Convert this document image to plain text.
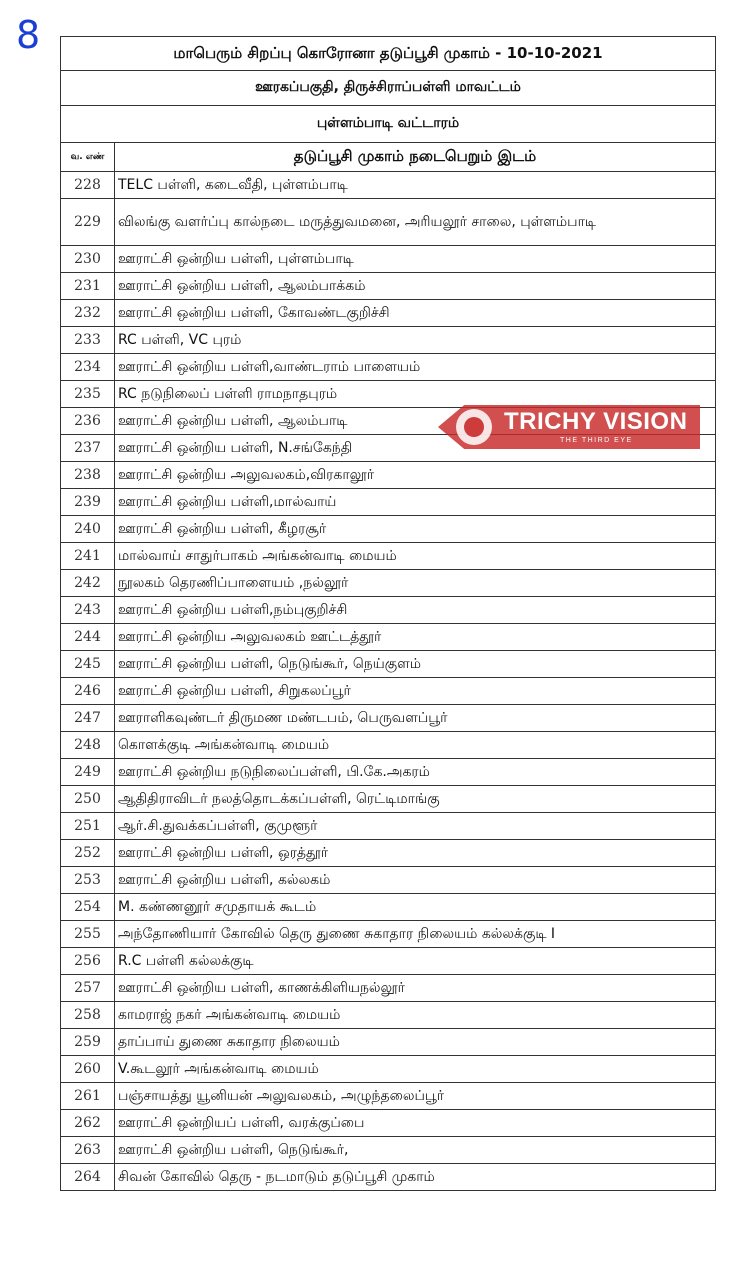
8	மாபெரும் சிறப்பு கொரோனா தடுப்பூசி முகாம் - 10-10-2021	
ஊரகப்பகுதி, திருச்சிராப்பள்ளி மாவட்டம்	
புள்ளம்பாடி வட்டாரம்	
வ. எண்	தடுப்பூசி முகாம் நடைபெறும் இடம்
228	TELC பள்ளி, கடைவீதி, புள்ளம்பாடி
229	விலங்கு வளர்ப்பு கால்நடை மருத்துவமனை, அரியலூர் சாலை, புள்ளம்பாடி
230	ஊராட்சி ஒன்றிய பள்ளி, புள்ளம்பாடி
231	ஊராட்சி ஒன்றிய பள்ளி, ஆலம்பாக்கம்
232	ஊராட்சி ஒன்றிய பள்ளி, கோவண்டகுறிச்சி
233	RC பள்ளி, VC புரம்
234	ஊராட்சி ஒன்றிய பள்ளி,வாண்டராம் பாளையம்
235	RC நடுநிலைப் பள்ளி ராமநாதபுரம்
236	ஊராட்சி ஒன்றிய பள்ளி, ஆலம்பாடி
237	ஊராட்சி ஒன்றிய பள்ளி, N.சங்கேந்தி
238	ஊராட்சி ஒன்றிய அலுவலகம்,விரகாலூர்
239	ஊராட்சி ஒன்றிய பள்ளி,மால்வாய்
240	ஊராட்சி ஒன்றிய பள்ளி, கீழரசூர்
241	மால்வாய் சாதுர்பாகம் அங்கன்வாடி மையம்
242	நூலகம் தெரணிப்பாளையம் ,நல்லூர்
243	ஊராட்சி ஒன்றிய பள்ளி,நம்புகுறிச்சி
244	ஊராட்சி ஒன்றிய அலுவலகம் ஊட்டத்தூர்
245	ஊராட்சி ஒன்றிய பள்ளி, நெடுங்கூர், நெய்குளம்
246	ஊராட்சி ஒன்றிய பள்ளி, சிறுகலப்பூர்
247	ஊராளிகவுண்டர் திருமண மண்டபம், பெருவளப்பூர்
248	கொளக்குடி அங்கன்வாடி மையம்
249	ஊராட்சி ஒன்றிய நடுநிலைப்பள்ளி, பி.கே.அகரம்
250	ஆதிதிராவிடர் நலத்தொடக்கப்பள்ளி, ரெட்டிமாங்கு
251	ஆர்.சி.துவக்கப்பள்ளி, குமுளூர்
252	ஊராட்சி ஒன்றிய பள்ளி, ஒரத்தூர்
253	ஊராட்சி ஒன்றிய பள்ளி, கல்லகம்
254	M. கண்ணனூர் சமுதாயக் கூடம்
255	அந்தோணியார் கோவில் தெரு துணை சுகாதார நிலையம் கல்லக்குடி I
256	R.C பள்ளி கல்லக்குடி
257	ஊராட்சி ஒன்றிய பள்ளி, காணக்கிளியநல்லூர்
258	காமராஜ் நகர் அங்கன்வாடி மையம்
259	தாப்பாய் துணை சுகாதார நிலையம்
260	V.கூடலூர் அங்கன்வாடி மையம்
261	பஞ்சாயத்து யூனியன் அலுவலகம், அழுந்தலைப்பூர்
262	ஊராட்சி ஒன்றியப் பள்ளி, வரக்குப்பை
263	ஊராட்சி ஒன்றிய பள்ளி, நெடுங்கூர்,
264	சிவன் கோவில் தெரு - நடமாடும் தடுப்பூசி முகாம்
TRICHY VISION
THE THIRD EYE
